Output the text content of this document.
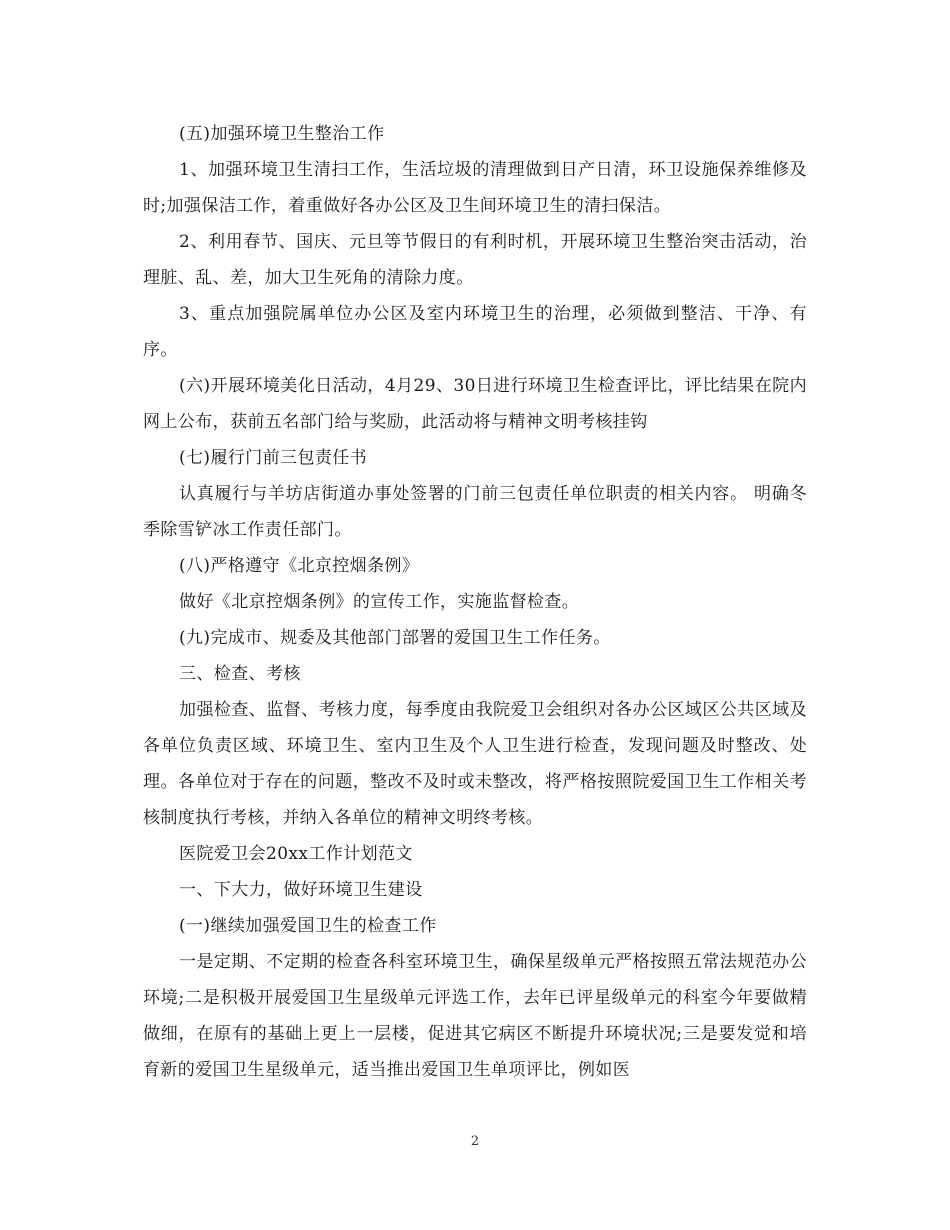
(五)加强环境卫生整治工作

1、加强环境卫生清扫工作，生活垃圾的清理做到日产日清，环卫设施保养维修及时;加强保洁工作，着重做好各办公区及卫生间环境卫生的清扫保洁。

2、利用春节、国庆、元旦等节假日的有利时机，开展环境卫生整治突击活动，治理脏、乱、差，加大卫生死角的清除力度。

3、重点加强院属单位办公区及室内环境卫生的治理，必须做到整洁、干净、有序。

(六)开展环境美化日活动，4月29、30日进行环境卫生检查评比，评比结果在院内网上公布，获前五名部门给与奖励，此活动将与精神文明考核挂钩

(七)履行门前三包责任书

认真履行与羊坊店街道办事处签署的门前三包责任单位职责的相关内容。 明确冬季除雪铲冰工作责任部门。

(八)严格遵守《北京控烟条例》

做好《北京控烟条例》的宣传工作，实施监督检查。

(九)完成市、规委及其他部门部署的爱国卫生工作任务。

三、检查、考核

加强检查、监督、考核力度，每季度由我院爱卫会组织对各办公区域区公共区域及各单位负责区域、环境卫生、室内卫生及个人卫生进行检查，发现问题及时整改、处理。各单位对于存在的问题，整改不及时或未整改，将严格按照院爱国卫生工作相关考核制度执行考核，并纳入各单位的精神文明终考核。

医院爱卫会20xx工作计划范文

一、下大力，做好环境卫生建设

(一)继续加强爱国卫生的检查工作

一是定期、不定期的检查各科室环境卫生，确保星级单元严格按照五常法规范办公环境;二是积极开展爱国卫生星级单元评选工作，去年已评星级单元的科室今年要做精做细，在原有的基础上更上一层楼，促进其它病区不断提升环境状况;三是要发觉和培育新的爱国卫生星级单元，适当推出爱国卫生单项评比，例如医

2
